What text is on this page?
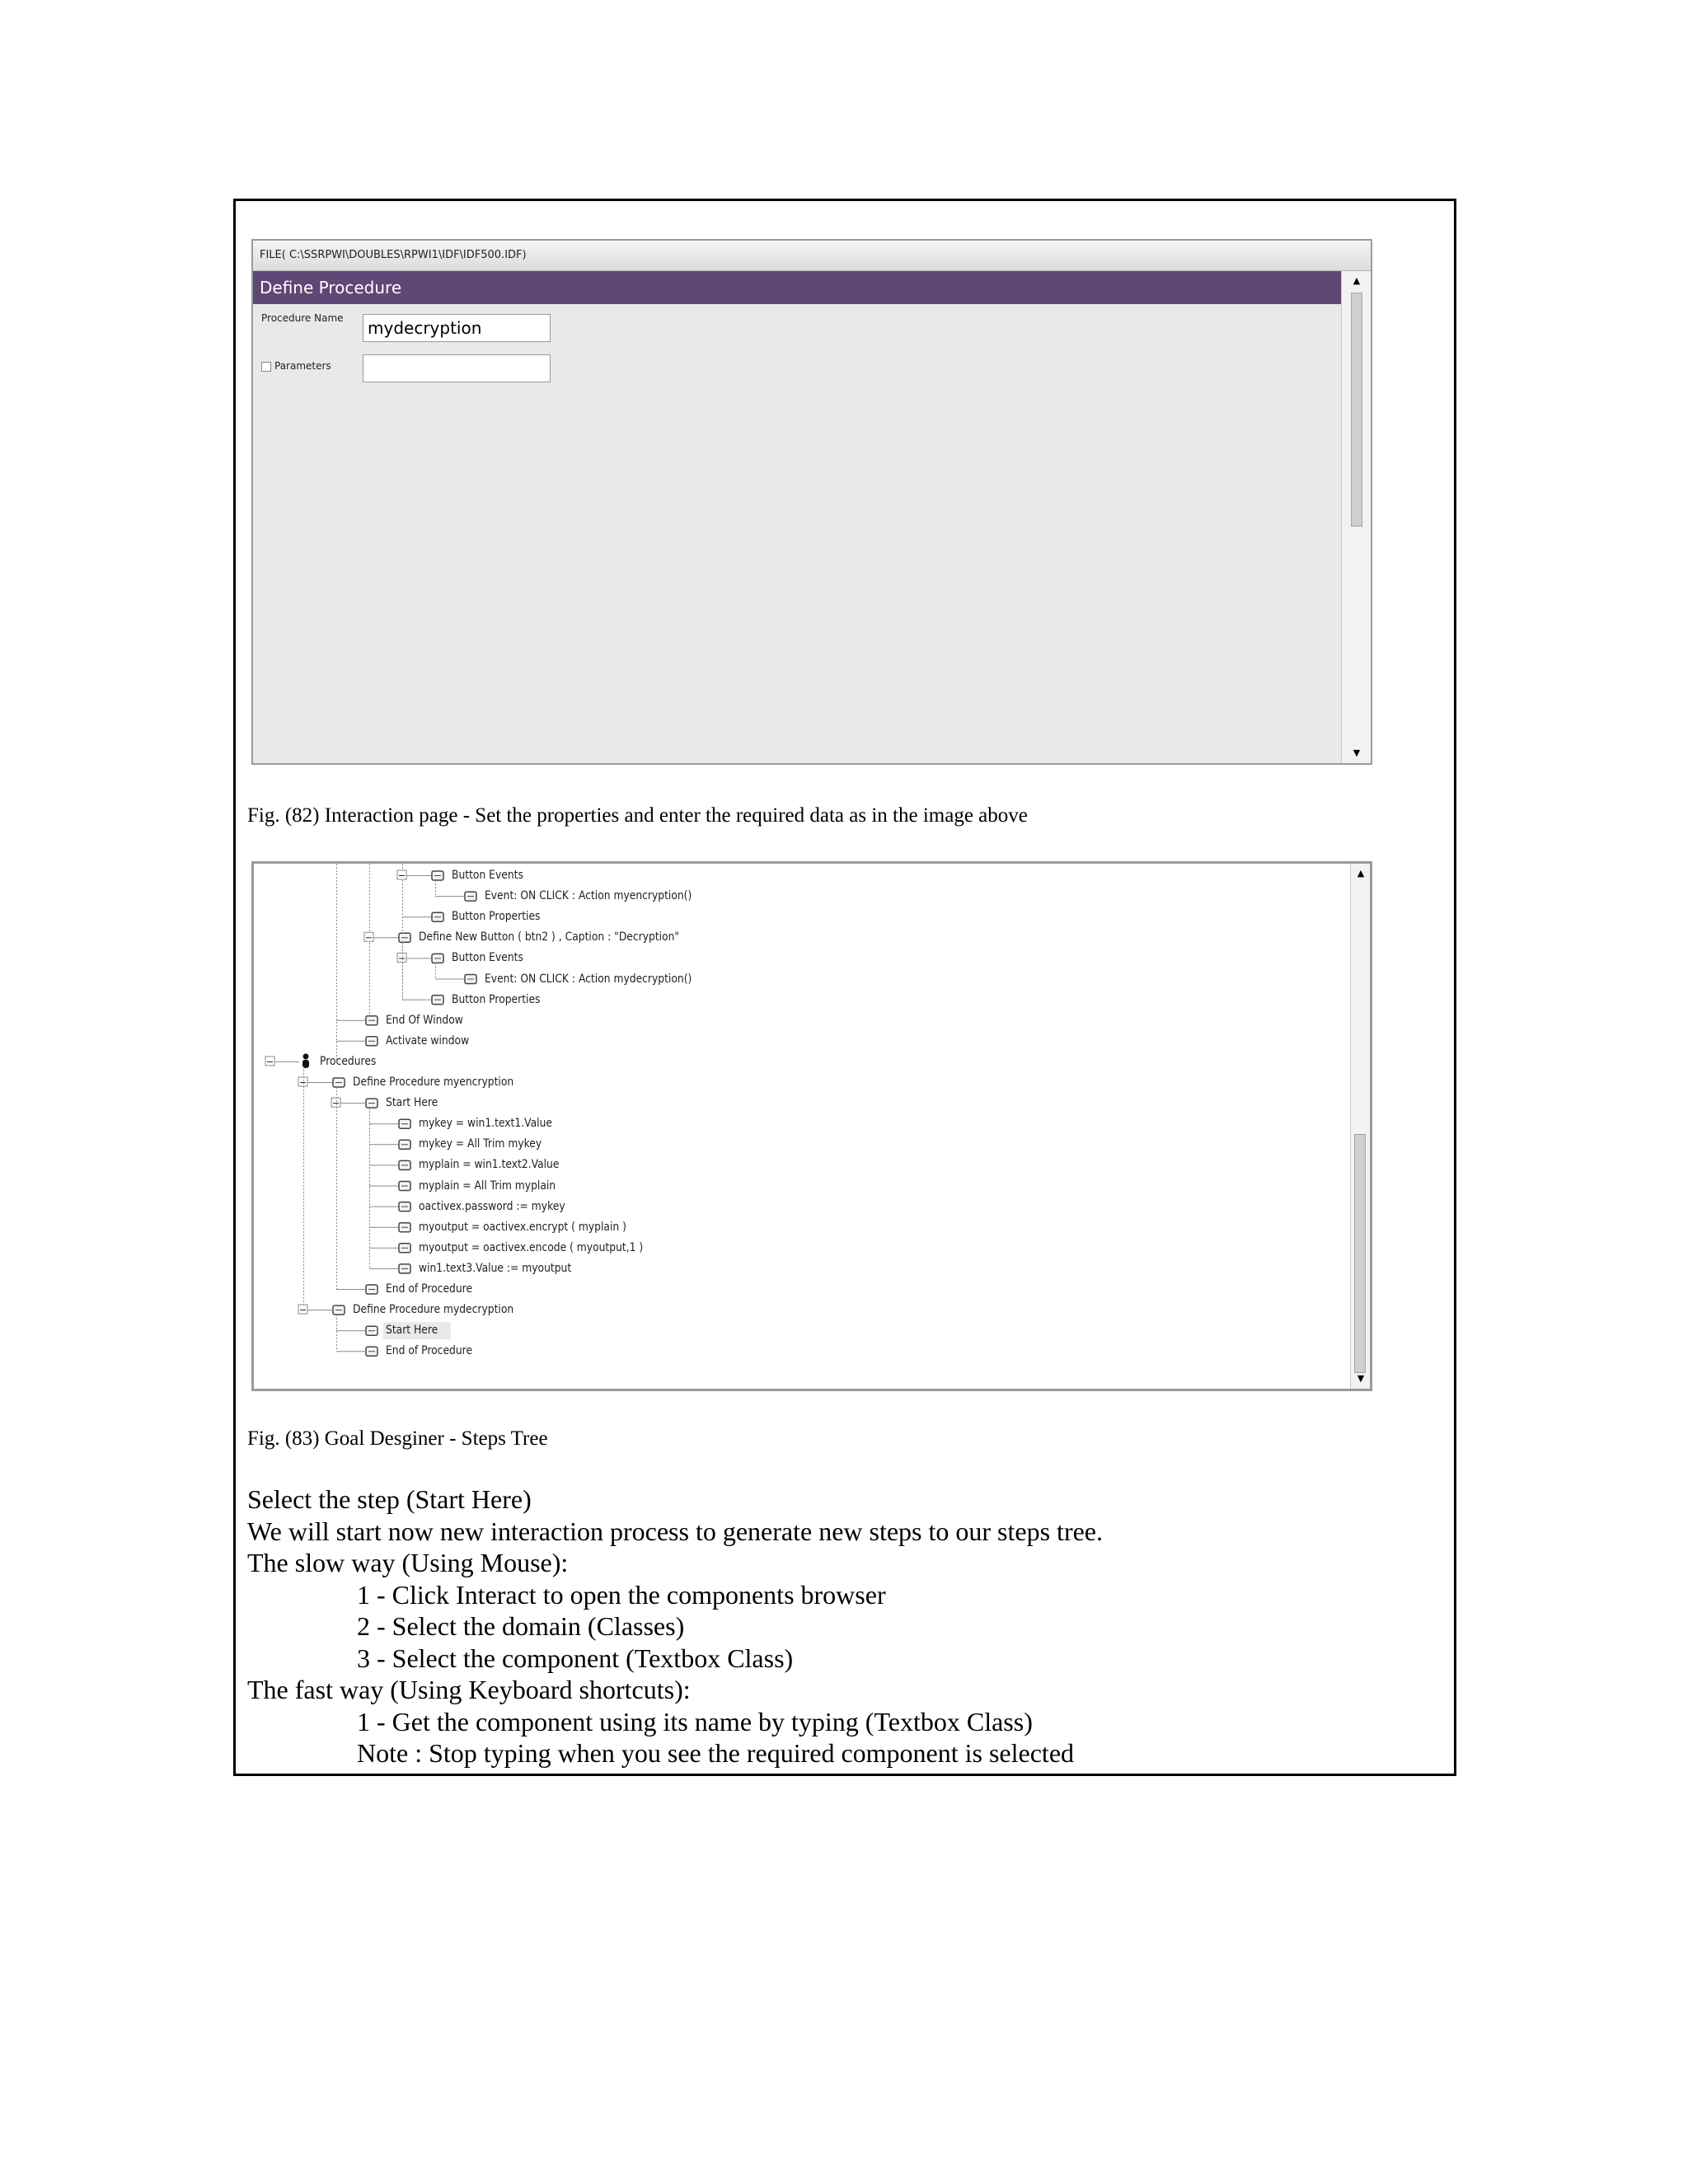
FILE( C:\SSRPWI\DOUBLES\RPWI1\IDF\IDF500.IDF)
Define Procedure
Procedure Name	mydecryption
Parameters
▲
▼
Fig. (82) Interaction page - Set the properties and enter the required data as in the image above
Button Events
Event: ON CLICK : Action myencryption()
Button Properties
Define New Button ( btn2 ) , Caption : "Decryption"
Button Events
Event: ON CLICK : Action mydecryption()
Button Properties
End Of Window
Activate window
Procedures
Define Procedure myencryption
Start Here
mykey = win1.text1.Value
mykey = All Trim mykey
myplain = win1.text2.Value
myplain = All Trim myplain
oactivex.password := mykey
myoutput = oactivex.encrypt ( myplain )
myoutput = oactivex.encode ( myoutput,1 )
win1.text3.Value := myoutput
End of Procedure
Define Procedure mydecryption
Start Here
End of Procedure
▲
▼
Fig. (83) Goal Desginer - Steps Tree
Select the step (Start Here)
We will start now new interaction process to generate new steps to our steps tree.
The slow way (Using Mouse):
1 - Click Interact to open the components browser
2 - Select the domain (Classes)
3 - Select the component (Textbox Class)
The fast way (Using Keyboard shortcuts):
1 - Get the component using its name by typing (Textbox Class)
Note : Stop typing when you see the required component is selected
